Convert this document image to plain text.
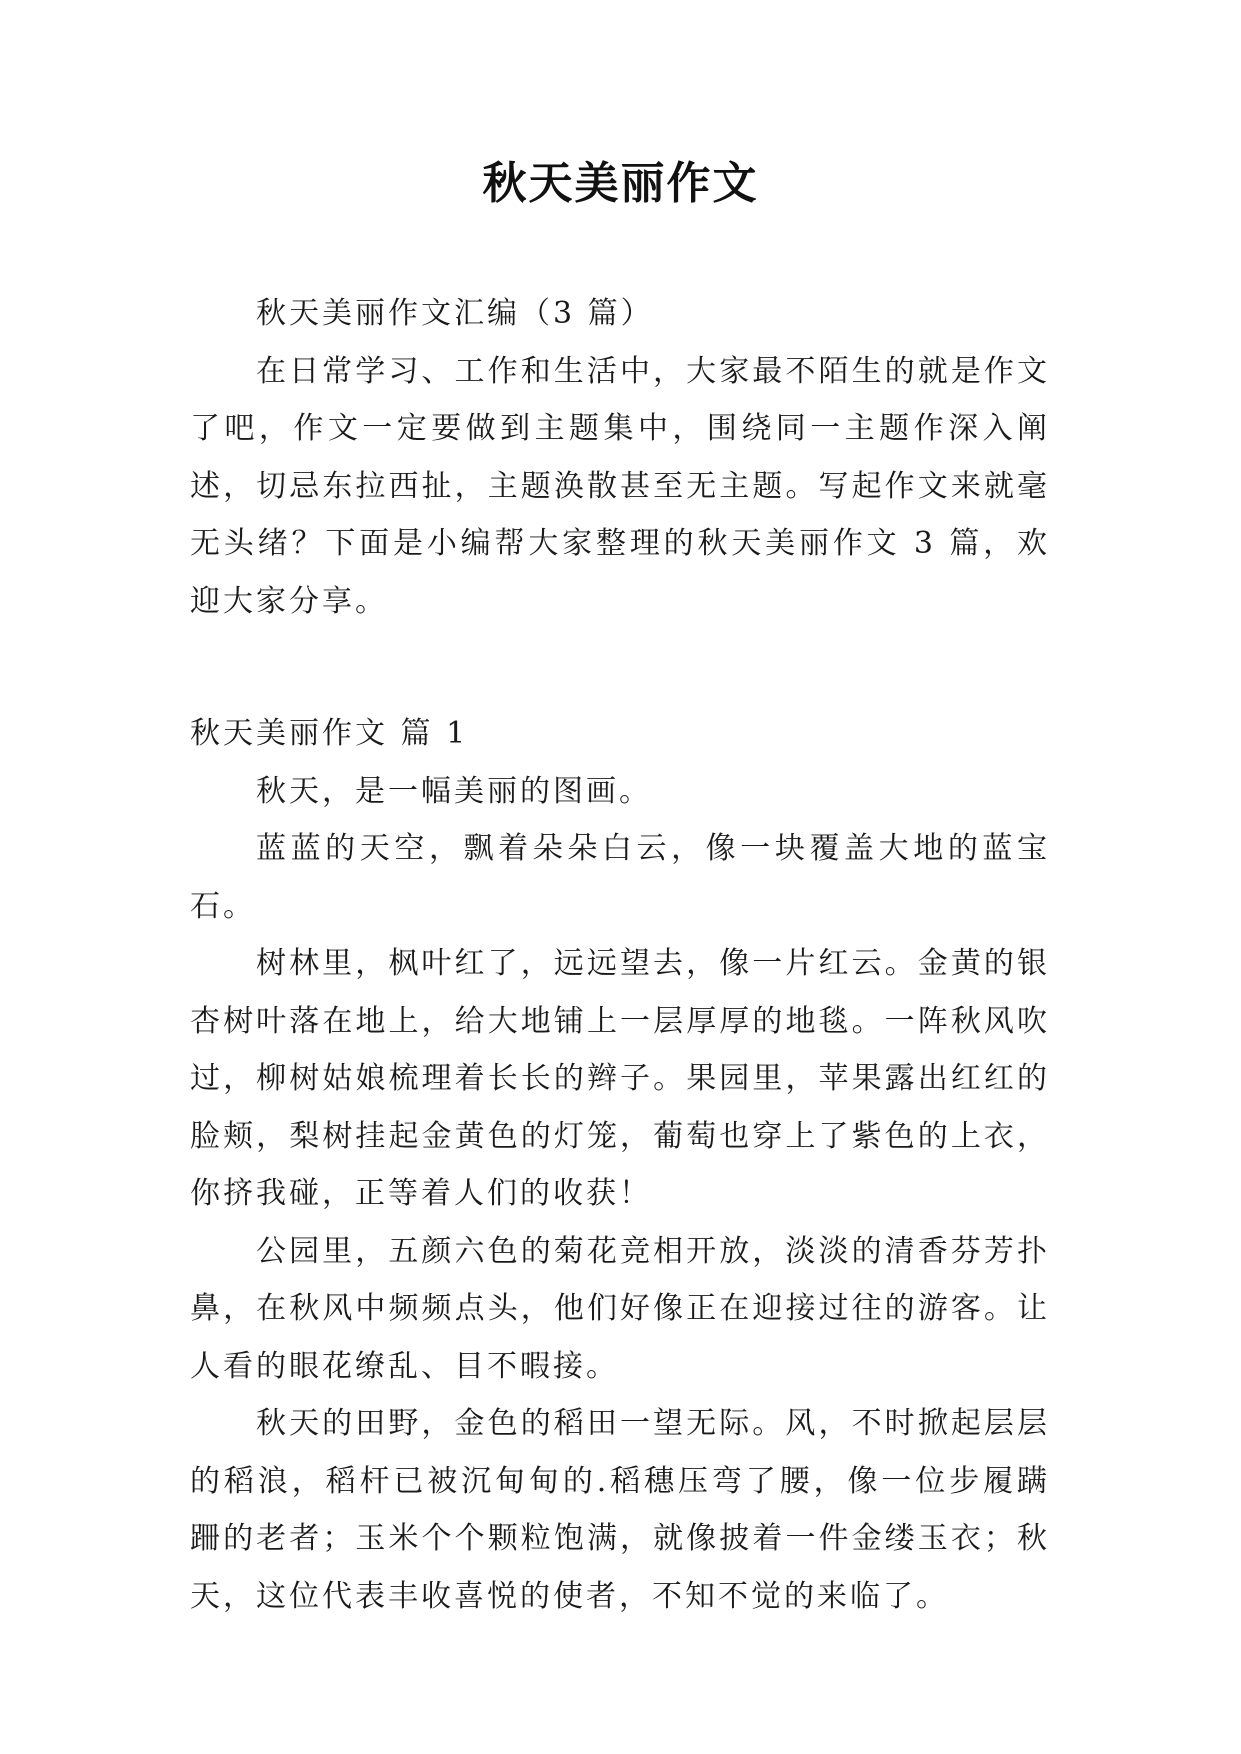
秋天美丽作文

秋天美丽作文汇编（3 篇）

在日常学习、工作和生活中，大家最不陌生的就是作文了吧，作文一定要做到主题集中，围绕同一主题作深入阐述，切忌东拉西扯，主题涣散甚至无主题。写起作文来就毫无头绪？下面是小编帮大家整理的秋天美丽作文 3 篇，欢迎大家分享。

秋天美丽作文 篇 1

秋天，是一幅美丽的图画。

蓝蓝的天空，飘着朵朵白云，像一块覆盖大地的蓝宝石。

树林里，枫叶红了，远远望去，像一片红云。金黄的银杏树叶落在地上，给大地铺上一层厚厚的地毯。一阵秋风吹过，柳树姑娘梳理着长长的辫子。果园里，苹果露出红红的脸颊，梨树挂起金黄色的灯笼，葡萄也穿上了紫色的上衣，你挤我碰，正等着人们的收获！

公园里，五颜六色的菊花竞相开放，淡淡的清香芬芳扑鼻，在秋风中频频点头，他们好像正在迎接过往的游客。让人看的眼花缭乱、目不暇接。

秋天的田野，金色的稻田一望无际。风，不时掀起层层的稻浪，稻杆已被沉甸甸的.稻穗压弯了腰，像一位步履蹒跚的老者；玉米个个颗粒饱满，就像披着一件金缕玉衣；秋天，这位代表丰收喜悦的使者，不知不觉的来临了。
